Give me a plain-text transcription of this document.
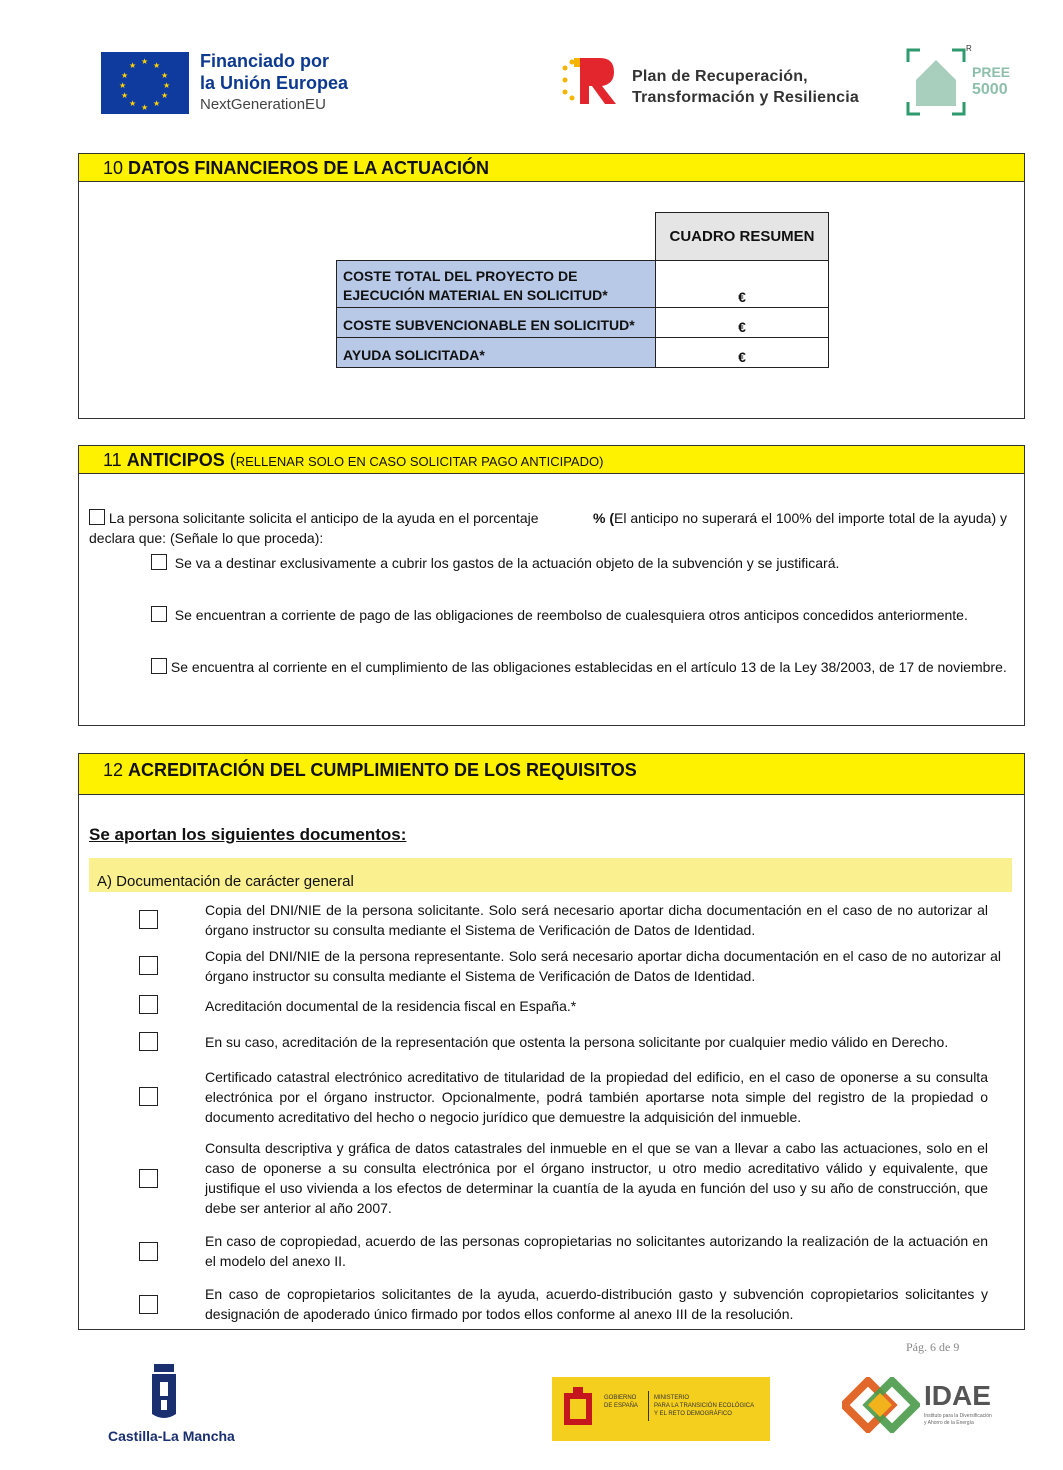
★ ★
★
★
★
★
★
★
★
★
★
★	Financiado por
la Unión Europea
NextGenerationEU
Plan de Recuperación,
Transformación y Resiliencia
R
PREE
5000
10 DATOS FINANCIEROS DE LA ACTUACIÓN
	CUADRO RESUMEN
COSTE TOTAL DEL PROYECTO DE EJECUCIÓN MATERIAL EN SOLICITUD*	€
COSTE SUBVENCIONABLE EN SOLICITUD*	€
AYUDA SOLICITADA*	€
11 ANTICIPOS (RELLENAR SOLO EN CASO SOLICITAR PAGO ANTICIPADO)
La persona solicitante solicita el anticipo de la ayuda en el porcentaje	% (El anticipo no superará el 100% del importe total de la ayuda) y
declara que: (Señale lo que proceda):
Se va a destinar exclusivamente a cubrir los gastos de la actuación objeto de la subvención y se justificará.
Se encuentran a corriente de pago de las obligaciones de reembolso de cualesquiera otros anticipos concedidos anteriormente.
Se encuentra al corriente en el cumplimiento de las obligaciones establecidas en el artículo 13 de la Ley 38/2003, de 17 de noviembre.
12 ACREDITACIÓN DEL CUMPLIMIENTO DE LOS REQUISITOS
Se aportan los siguientes documentos:
A) Documentación de carácter general
Copia del DNI/NIE de la persona solicitante. Solo será necesario aportar dicha documentación en el caso de no autorizar al órgano instructor su consulta mediante el Sistema de Verificación de Datos de Identidad.
Copia del DNI/NIE de la persona representante. Solo será necesario aportar dicha documentación en el caso de no autorizar al órgano instructor su consulta mediante el Sistema de Verificación de Datos de Identidad.
Acreditación documental de la residencia fiscal en España.*
En su caso, acreditación de la representación que ostenta la persona solicitante por cualquier medio válido en Derecho.
Certificado catastral electrónico acreditativo de titularidad de la propiedad del edificio, en el caso de oponerse a su consulta electrónica por el órgano instructor. Opcionalmente, podrá también aportarse nota simple del registro de la propiedad o documento acreditativo del hecho o negocio jurídico que demuestre la adquisición del inmueble.
Consulta descriptiva y gráfica de datos catastrales del inmueble en el que se van a llevar a cabo las actuaciones, solo en el caso de oponerse a su consulta electrónica por el órgano instructor, u otro medio acreditativo válido y equivalente, que justifique el uso vivienda a los efectos de determinar la cuantía de la ayuda en función del uso y su año de construcción, que debe ser anterior al año 2007.
En caso de copropiedad, acuerdo de las personas copropietarias no solicitantes autorizando la realización de la actuación en el modelo del anexo II.
En caso de copropietarios solicitantes de la ayuda, acuerdo-distribución gasto y subvención copropietarios solicitantes y designación de apoderado único firmado por todos ellos conforme al anexo III de la resolución.
Pág. 6 de 9
Castilla-La Mancha
GOBIERNO
DE ESPAÑA
MINISTERIO
PARA LA TRANSICIÓN ECOLÓGICA
Y EL RETO DEMOGRÁFICO
IDAE
Instituto para la Diversificación
y Ahorro de la Energía
